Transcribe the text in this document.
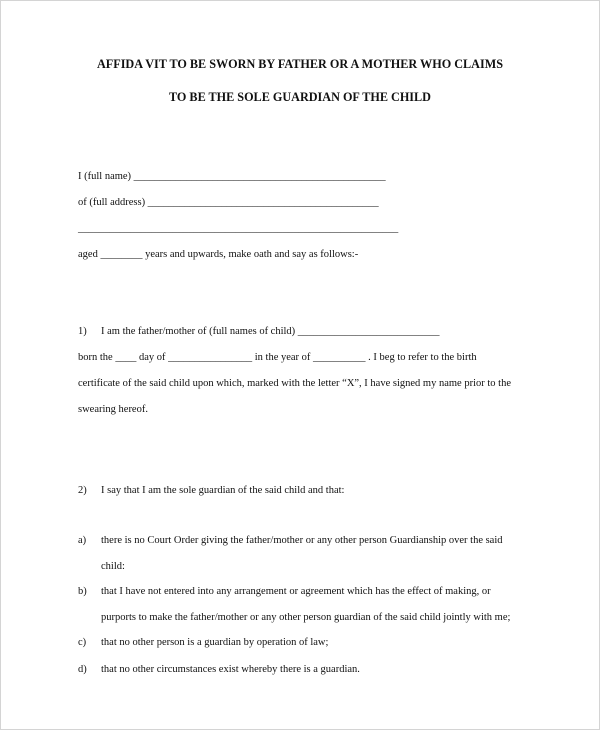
AFFIDA VIT TO BE SWORN BY FATHER OR A MOTHER WHO CLAIMS
TO BE THE SOLE GUARDIAN OF THE CHILD
I (full name) ________________________________________________
of (full address) ____________________________________________
_____________________________________________________________
aged ________ years and upwards, make oath and say as follows:-
1) I am the father/mother of (full names of child) ___________________________
born the ____ day of ________________ in the year of __________ . I beg to refer to the birth
certificate of the said child upon which, marked with the letter “X”, I have signed my name prior to the
swearing hereof.
2) I say that I am the sole guardian of the said child and that:
a) there is no Court Order giving the father/mother or any other person Guardianship over the said
child:
b) that I have not entered into any arrangement or agreement which has the effect of making, or
purports to make the father/mother or any other person guardian of the said child jointly with me;
c) that no other person is a guardian by operation of law;
d) that no other circumstances exist whereby there is a guardian.
